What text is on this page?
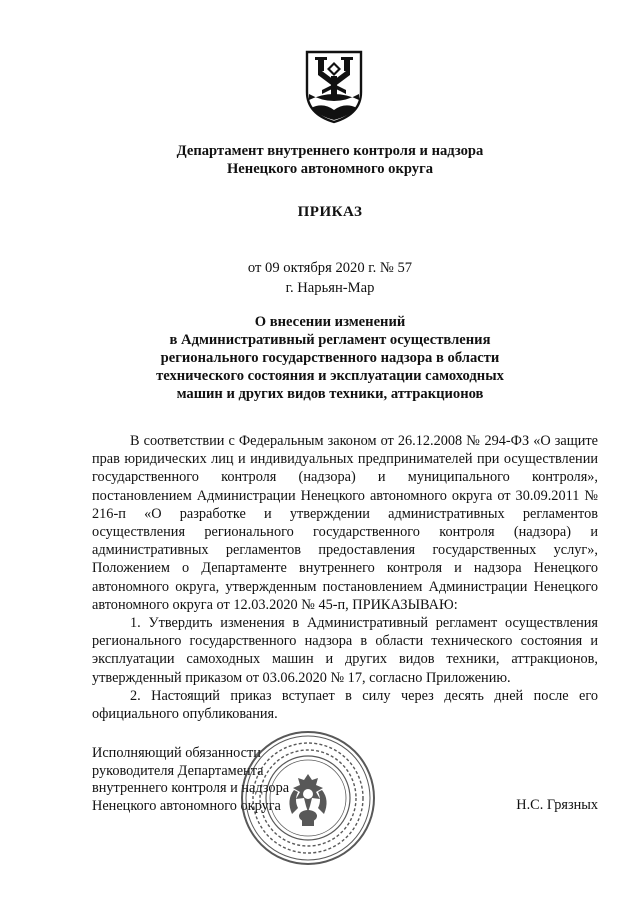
Департамент внутреннего контроля и надзора
Ненецкого автономного округа
ПРИКАЗ
от 09 октября 2020 г. № 57
г. Нарьян-Мар
О внесении изменений
в Административный регламент осуществления
регионального государственного надзора в области
технического состояния и эксплуатации самоходных
машин и других видов техники, аттракционов

В соответствии с Федеральным законом от 26.12.2008 № 294-ФЗ «О защите прав юридических лиц и индивидуальных предпринимателей при осуществлении государственного контроля (надзора) и муниципального контроля», постановлением Администрации Ненецкого автономного округа от 30.09.2011 № 216-п «О разработке и утверждении административных регламентов осуществления регионального государственного контроля (надзора) и административных регламентов предоставления государственных услуг», Положением о Департаменте внутреннего контроля и надзора Ненецкого автономного округа, утвержденным постановлением Администрации Ненецкого автономного округа от 12.03.2020 № 45-п, ПРИКАЗЫВАЮ:

1. Утвердить изменения в Административный регламент осуществления регионального государственного надзора в области технического состояния и эксплуатации самоходных машин и других видов техники, аттракционов, утвержденный приказом от 03.06.2020 № 17, согласно Приложению.

2. Настоящий приказ вступает в силу через десять дней после его официального опубликования.

Исполняющий обязанности
руководителя Департамента
внутреннего контроля и надзора
Ненецкого автономного округа	Н.С. Грязных
